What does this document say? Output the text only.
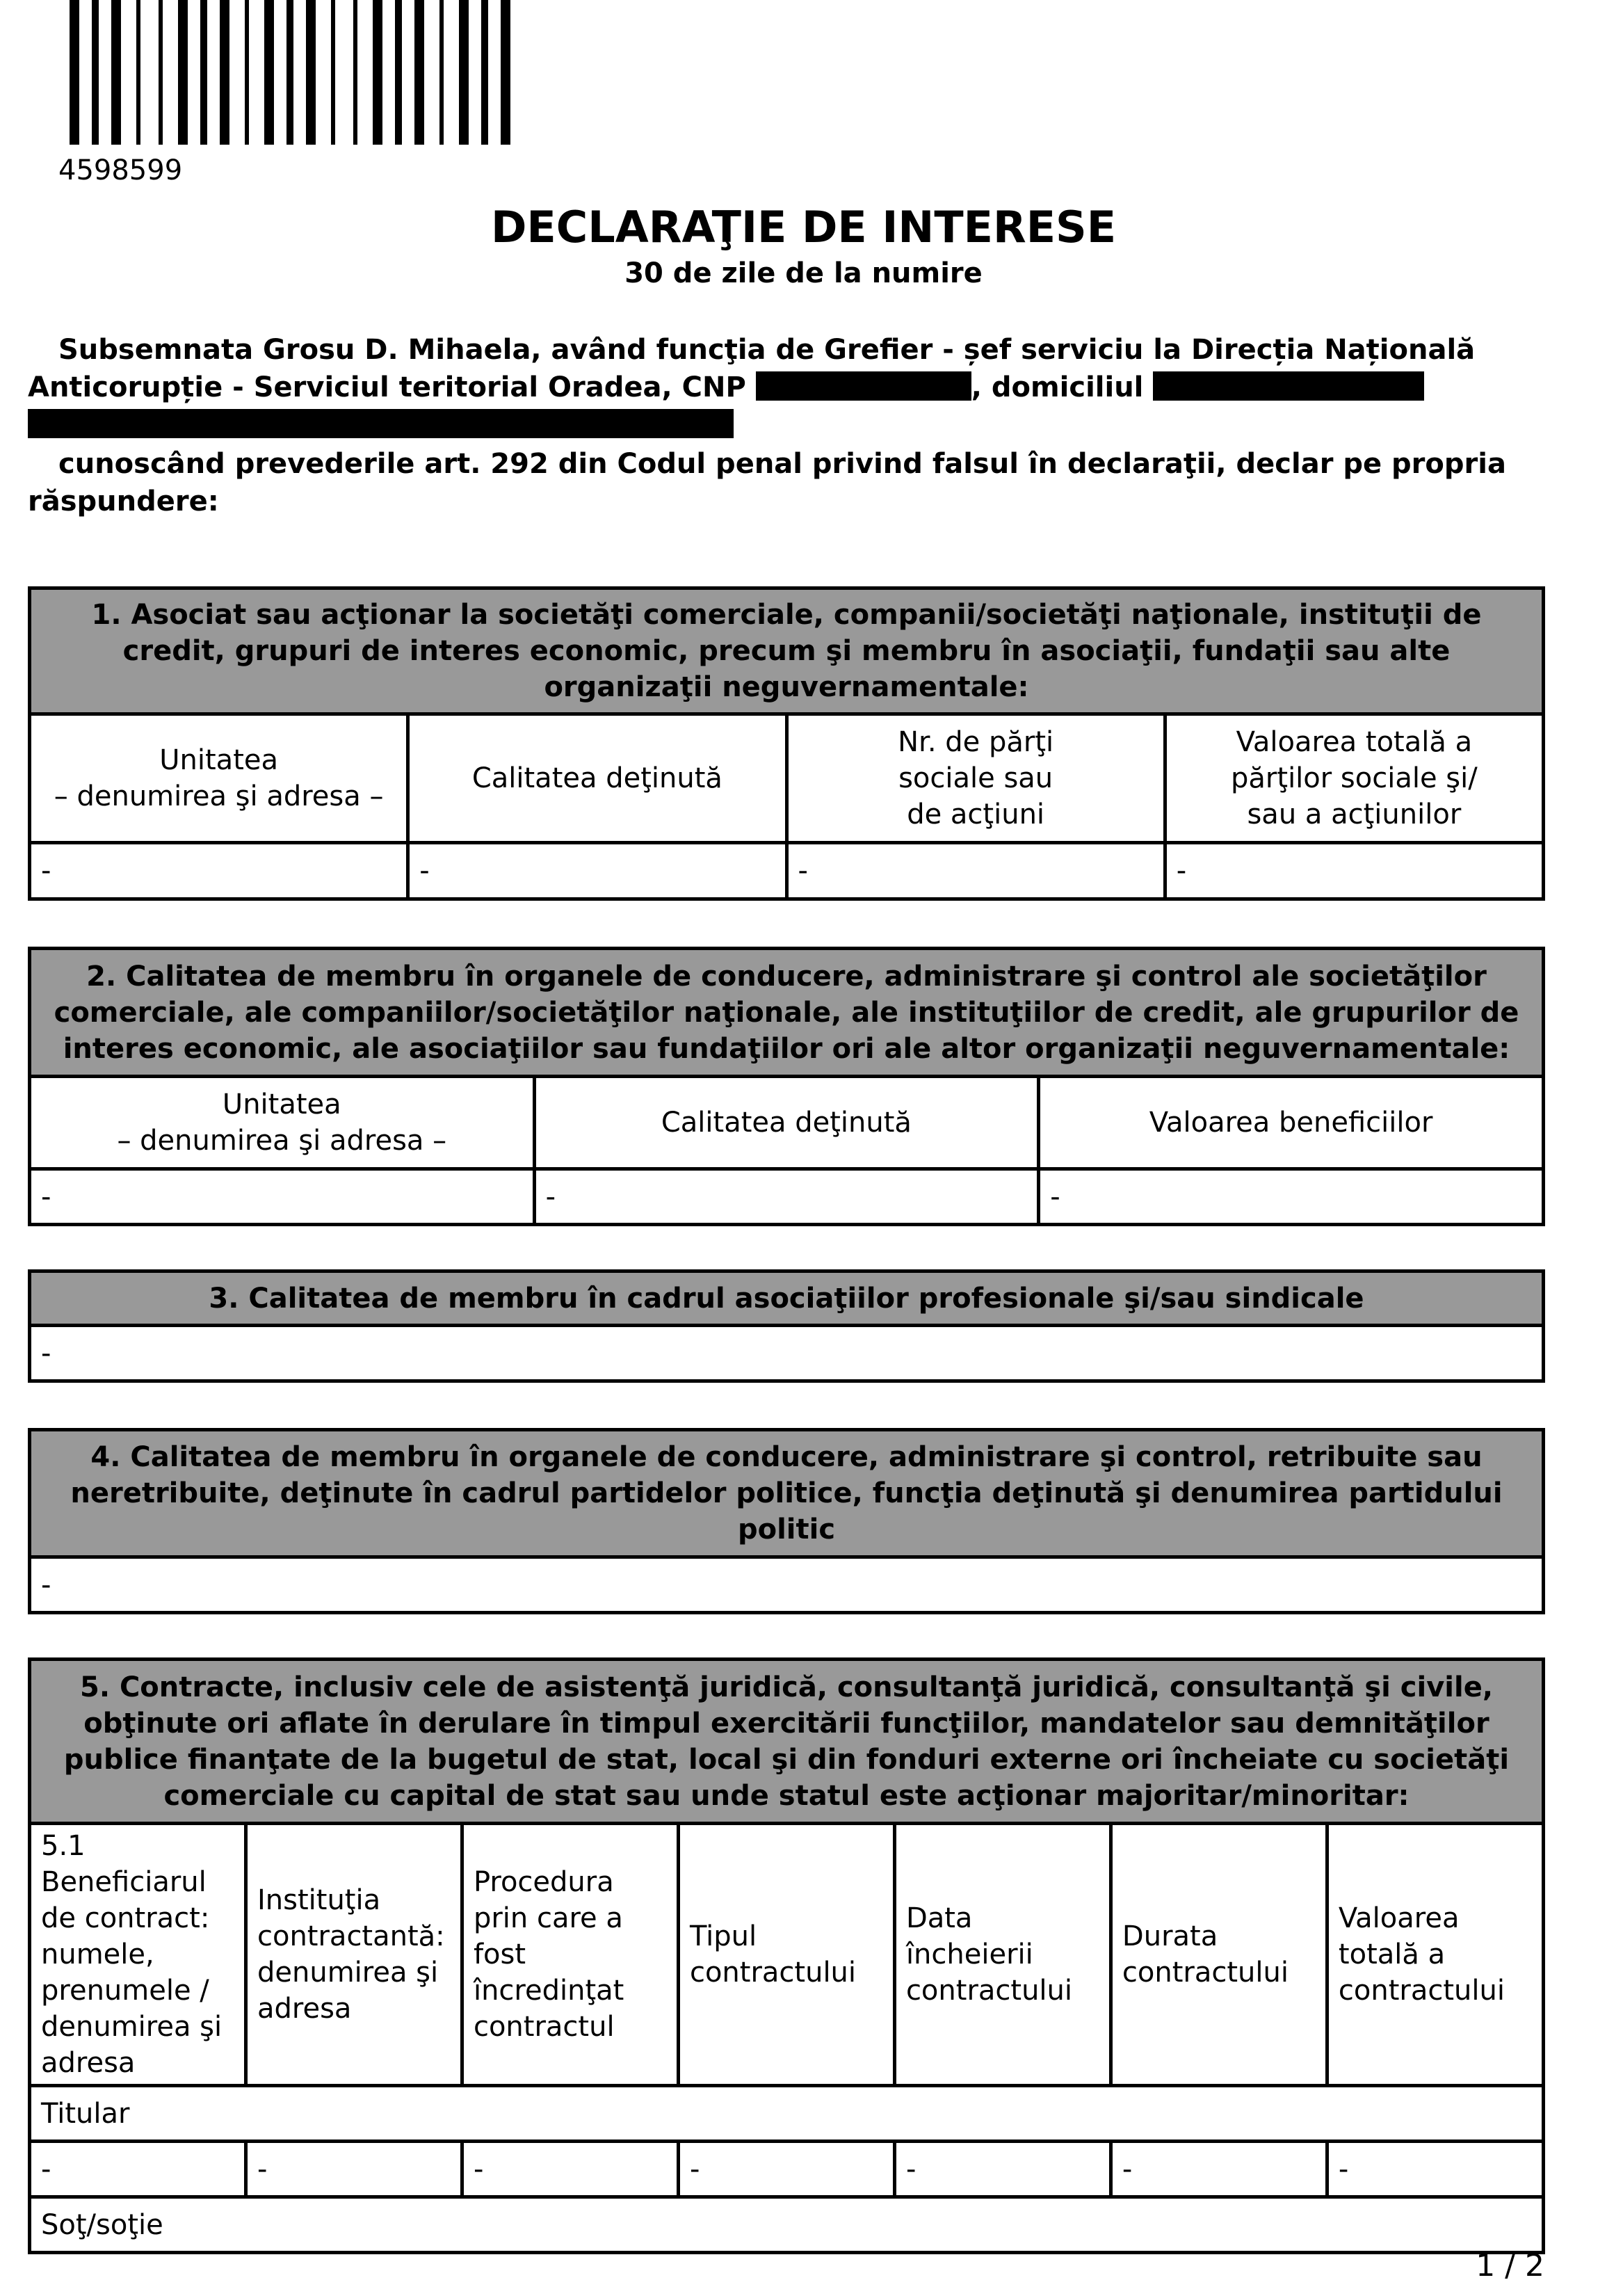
4598599
DECLARAŢIE DE INTERESE
30 de zile de la numire

Subsemnata Grosu D. Mihaela, având funcţia de Grefier - șef serviciu la Direcția Națională

Anticorupție - Serviciul teritorial Oradea, CNP	, domiciliul

cunoscând prevederile art. 292 din Codul penal privind falsul în declaraţii, declar pe propria

răspundere:

1. Asociat sau acţionar la societăţi comerciale, companii/societăţi naţionale, instituţii de credit, grupuri de interes economic, precum şi membru în asociaţii, fundaţii sau alte organizaţii neguvernamentale:			
Unitatea
– denumirea şi adresa –	Calitatea deţinută	Nr. de părţi
sociale sau
de acţiuni	Valoarea totală a
părţilor sociale şi/
sau a acţiunilor
-	-	-	-
2. Calitatea de membru în organele de conducere, administrare şi control ale societăţilor comerciale, ale companiilor/societăţilor naţionale, ale instituţiilor de credit, ale grupurilor de interes economic, ale asociaţiilor sau fundaţiilor ori ale altor organizaţii neguvernamentale:		
Unitatea
– denumirea şi adresa –	Calitatea deţinută	Valoarea beneficiilor
-	-	-
3. Calitatea de membru în cadrul asociaţiilor profesionale şi/sau sindicale
-
4. Calitatea de membru în organele de conducere, administrare şi control, retribuite sau neretribuite, deţinute în cadrul partidelor politice, funcţia deţinută şi denumirea partidului politic
-
5. Contracte, inclusiv cele de asistenţă juridică, consultanţă juridică, consultanţă şi civile, obţinute ori aflate în derulare în timpul exercitării funcţiilor, mandatelor sau demnităţilor publice finanţate de la bugetul de stat, local şi din fonduri externe ori încheiate cu societăţi comerciale cu capital de stat sau unde statul este acţionar majoritar/minoritar:						
5.1 Beneficiarul de contract: numele, prenumele / denumirea şi adresa	Instituţia contractantă: denumirea şi adresa	Procedura prin care a fost încredinţat contractul	Tipul contractului	Data încheierii contractului	Durata contractului	Valoarea totală a contractului
Titular						
-	-	-	-	-	-	-
Soţ/soţie						
1 / 2
